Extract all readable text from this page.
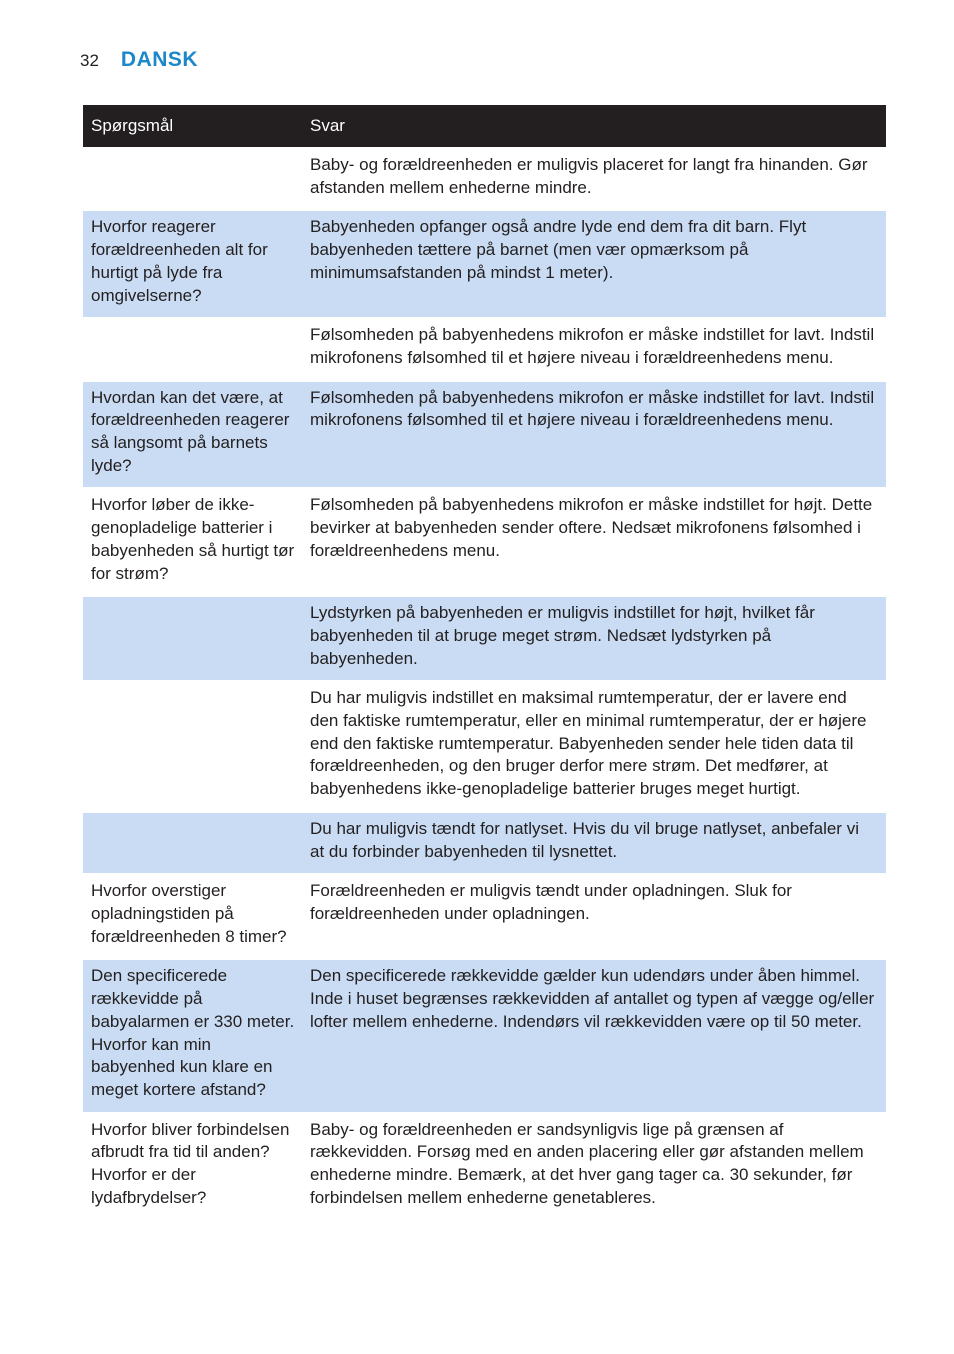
32 DANSK
Spørgsmål	Svar
	Baby- og forældreenheden er muligvis placeret for langt fra hinanden. Gør afstanden mellem enhederne mindre.
Hvorfor reagerer forældreenheden alt for hurtigt på lyde fra omgivelserne?	Babyenheden opfanger også andre lyde end dem fra dit barn. Flyt babyenheden tættere på barnet (men vær opmærksom på minimumsafstanden på mindst 1 meter).
	Følsomheden på babyenhedens mikrofon er måske indstillet for lavt. Indstil mikrofonens følsomhed til et højere niveau i forældreenhedens menu.
Hvordan kan det være, at forældreenheden reagerer så langsomt på barnets lyde?	Følsomheden på babyenhedens mikrofon er måske indstillet for lavt. Indstil mikrofonens følsomhed til et højere niveau i forældreenhedens menu.
Hvorfor løber de ikke-genopladelige batterier i babyenheden så hurtigt tør for strøm?	Følsomheden på babyenhedens mikrofon er måske indstillet for højt. Dette bevirker at babyenheden sender oftere. Nedsæt mikrofonens følsomhed i forældreenhedens menu.
	Lydstyrken på babyenheden er muligvis indstillet for højt, hvilket får babyenheden til at bruge meget strøm. Nedsæt lydstyrken på babyenheden.
	Du har muligvis indstillet en maksimal rumtemperatur, der er lavere end den faktiske rumtemperatur, eller en minimal rumtemperatur, der er højere end den faktiske rumtemperatur. Babyenheden sender hele tiden data til forældreenheden, og den bruger derfor mere strøm. Det medfører, at babyenhedens ikke-genopladelige batterier bruges meget hurtigt.
	Du har muligvis tændt for natlyset. Hvis du vil bruge natlyset, anbefaler vi at du forbinder babyenheden til lysnettet.
Hvorfor overstiger opladningstiden på forældreenheden 8 timer?	Forældreenheden er muligvis tændt under opladningen. Sluk for forældreenheden under opladningen.
Den specificerede rækkevidde på babyalarmen er 330 meter. Hvorfor kan min babyenhed kun klare en meget kortere afstand?	Den specificerede rækkevidde gælder kun udendørs under åben himmel. Inde i huset begrænses rækkevidden af antallet og typen af vægge og/eller lofter mellem enhederne. Indendørs vil rækkevidden være op til 50 meter.
Hvorfor bliver forbindelsen afbrudt fra tid til anden? Hvorfor er der lydafbrydelser?	Baby- og forældreenheden er sandsynligvis lige på grænsen af rækkevidden. Forsøg med en anden placering eller gør afstanden mellem enhederne mindre. Bemærk, at det hver gang tager ca. 30 sekunder, før forbindelsen mellem enhederne genetableres.
